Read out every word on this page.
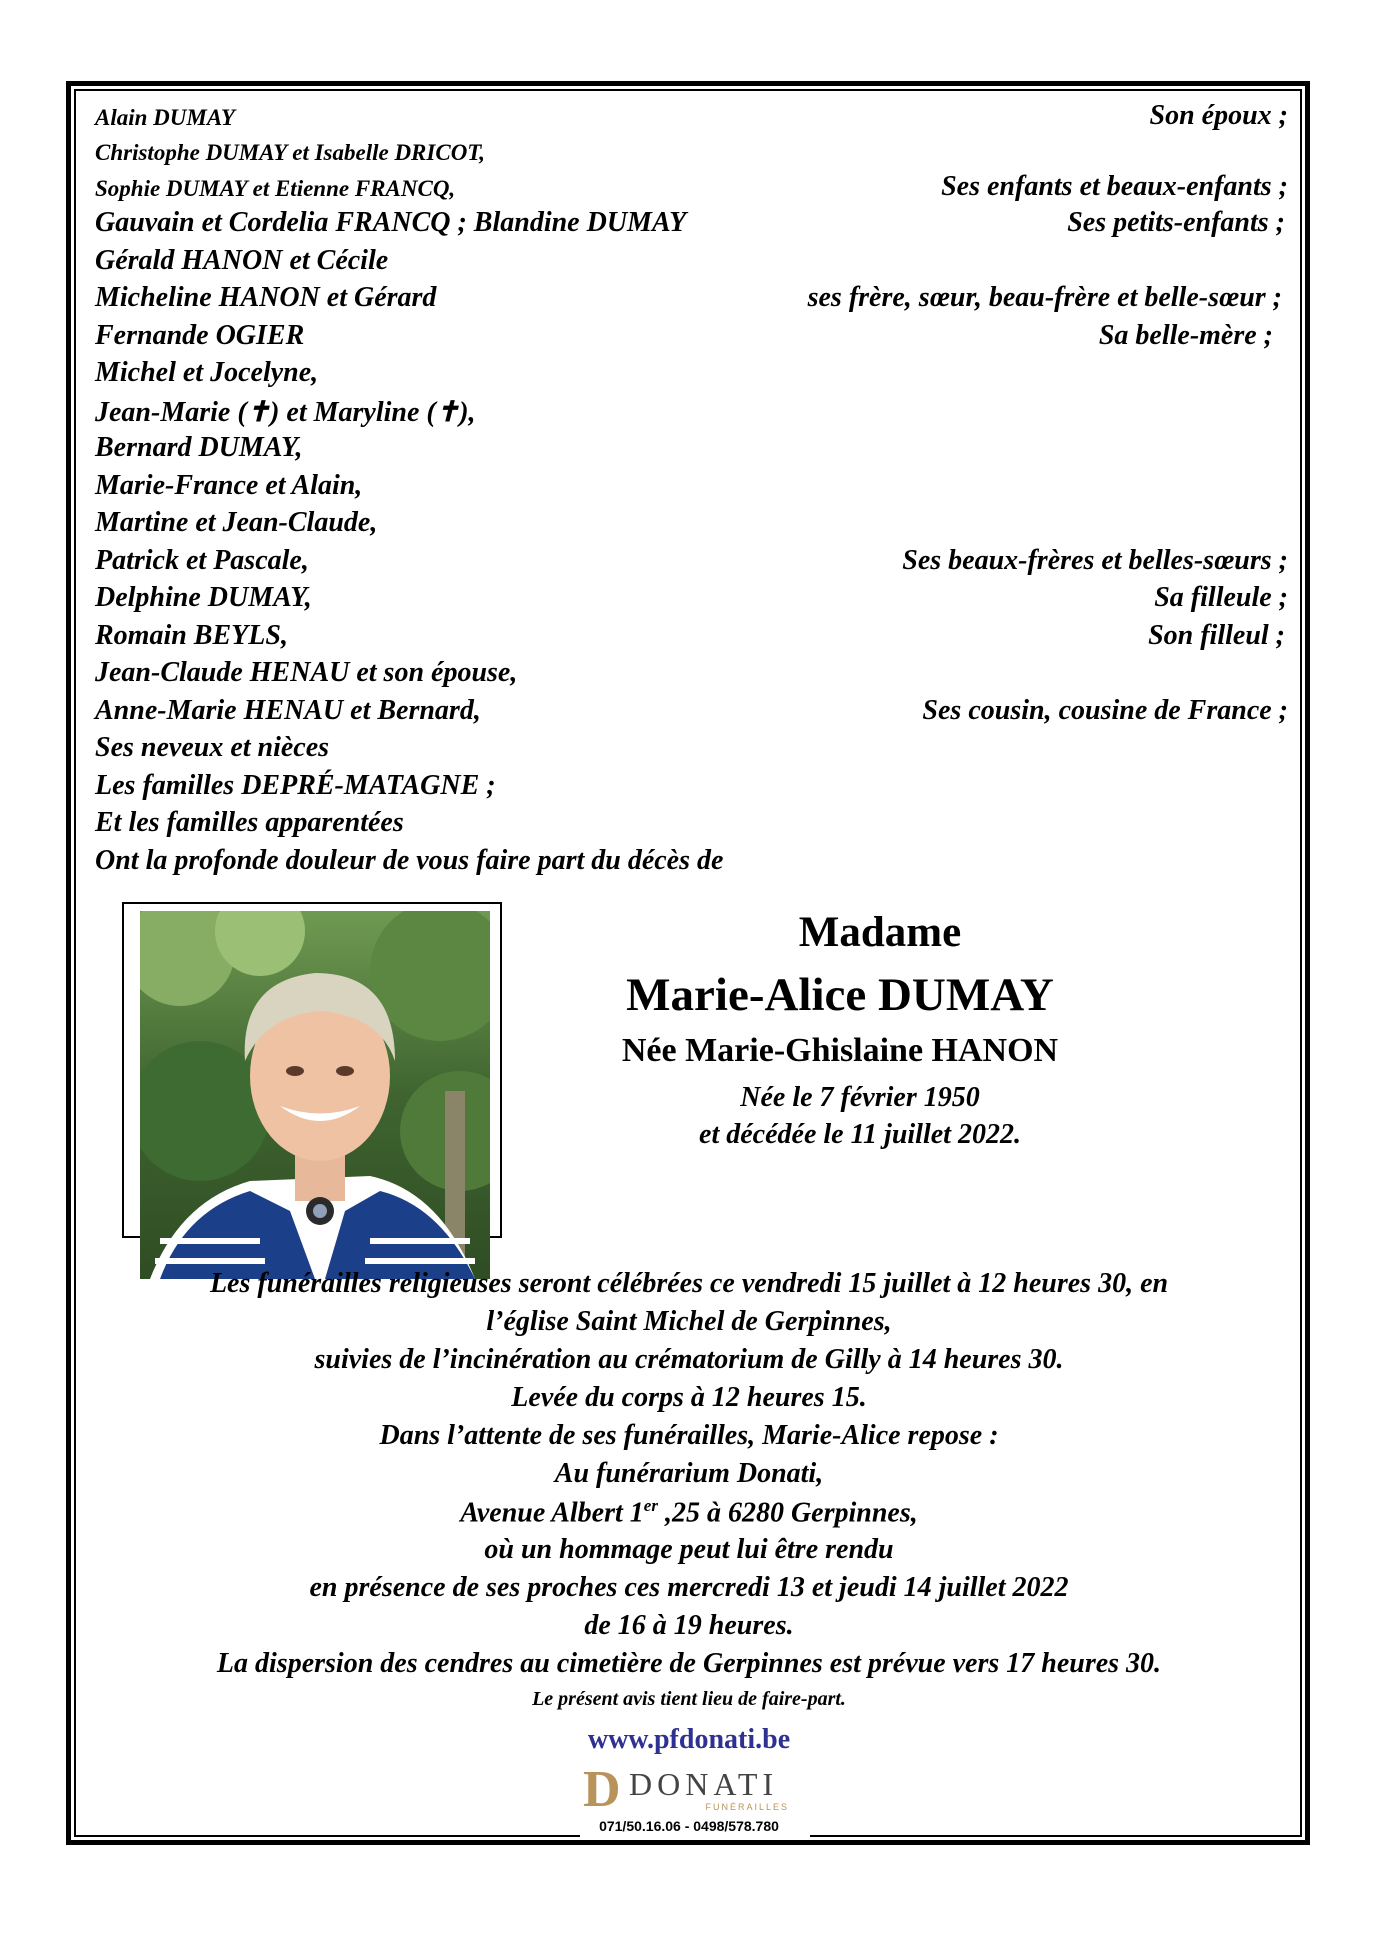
Alain DUMAY	Son époux ;
Christophe DUMAY et Isabelle DRICOT,
Sophie DUMAY et Etienne FRANCQ,	Ses enfants et beaux-enfants ;
Gauvain et Cordelia FRANCQ ; Blandine DUMAY	Ses petits-enfants ;
Gérald HANON et Cécile
Micheline HANON et Gérard	ses frère, sœur, beau-frère et belle-sœur ;
Fernande OGIER	Sa belle-mère ;
Michel et Jocelyne,
Jean-Marie (✝) et Maryline (✝),
Bernard DUMAY,
Marie-France et Alain,
Martine et Jean-Claude,
Patrick et Pascale,	Ses beaux-frères et belles-sœurs ;
Delphine DUMAY,	Sa filleule ;
Romain BEYLS,	Son filleul ;
Jean-Claude HENAU et son épouse,
Anne-Marie HENAU et Bernard,	Ses cousin, cousine de France ;
Ses neveux et nièces
Les familles DEPRÉ-MATAGNE ;
Et les familles apparentées
Ont la profonde douleur de vous faire part du décès de
Madame
Marie-Alice DUMAY
Née Marie-Ghislaine HANON
Née le 7 février 1950
et décédée le 11 juillet 2022.
Les funérailles religieuses seront célébrées ce vendredi 15 juillet à 12 heures 30, en
l’église Saint Michel de Gerpinnes,
suivies de l’incinération au crématorium de Gilly à 14 heures 30.
Levée du corps à 12 heures 15.
Dans l’attente de ses funérailles, Marie-Alice repose :
Au funérarium Donati,
Avenue Albert 1er ,25 à 6280 Gerpinnes,
où un hommage peut lui être rendu
en présence de ses proches ces mercredi 13 et jeudi 14 juillet 2022
de 16 à 19 heures.
La dispersion des cendres au cimetière de Gerpinnes est prévue vers 17 heures 30.
Le présent avis tient lieu de faire-part.
www.pfdonati.be
D DONATI
FUNÉRAILLES
071/50.16.06 - 0498/578.780
